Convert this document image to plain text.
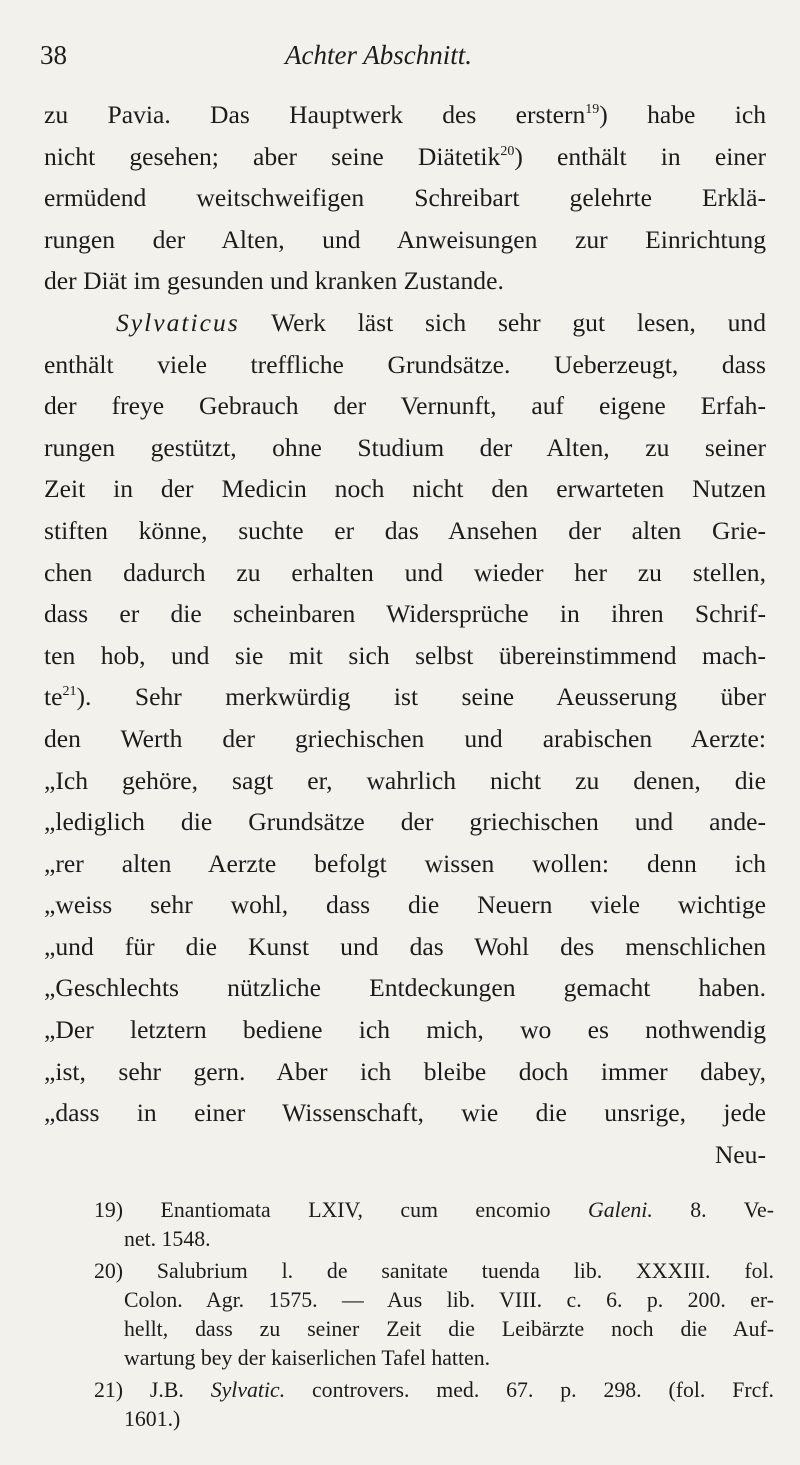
38	Achter Abschnitt.
zu Pavia. Das Hauptwerk des erstern$^{19}$) habe ich
nicht gesehen; aber seine Diätetik$^{20}$) enthält in einer
ermüdend weitschweifigen Schreibart gelehrte Erklä-
rungen der Alten, und Anweisungen zur Einrichtung
der Diät im gesunden und kranken Zustande.
Sylvaticus Werk läst sich sehr gut lesen, und
enthält viele treffliche Grundsätze. Ueberzeugt, dass
der freye Gebrauch der Vernunft, auf eigene Erfah-
rungen gestützt, ohne Studium der Alten, zu seiner
Zeit in der Medicin noch nicht den erwarteten Nutzen
stiften könne, suchte er das Ansehen der alten Grie-
chen dadurch zu erhalten und wieder her zu stellen,
dass er die scheinbaren Widersprüche in ihren Schrif-
ten hob, und sie mit sich selbst übereinstimmend mach-
$te^{21}$). Sehr merkwürdig ist seine Aeusserung über
den Werth der griechischen und arabischen Aerzte:
„Ich gehöre, sagt er, wahrlich nicht zu denen, die
„lediglich die Grundsätze der griechischen und ande-
„rer alten Aerzte befolgt wissen wollen: denn ich
„weiss sehr wohl, dass die Neuern viele wichtige
„und für die Kunst und das Wohl des menschlichen
„Geschlechts nützliche Entdeckungen gemacht haben.
„Der letztern bediene ich mich, wo es nothwendig
„ist, sehr gern. Aber ich bleibe doch immer dabey,
„dass in einer Wissenschaft, wie die unsrige, jede
Neu-
19) Enantiomata LXIV, cum encomio Galeni. 8. Ve-
net. 1548.
20) Salubrium l. de sanitate tuenda lib. XXXIII. fol.
Colon. Agr. 1575. — Aus lib. VIII. c. 6. p. 200. er-
hellt, dass zu seiner Zeit die Leibärzte noch die Auf-
wartung bey der kaiserlichen Tafel hatten.
21) J.B. Sylvatic. controvers. med. 67. p. 298. (fol. Frcf.
1601.)
